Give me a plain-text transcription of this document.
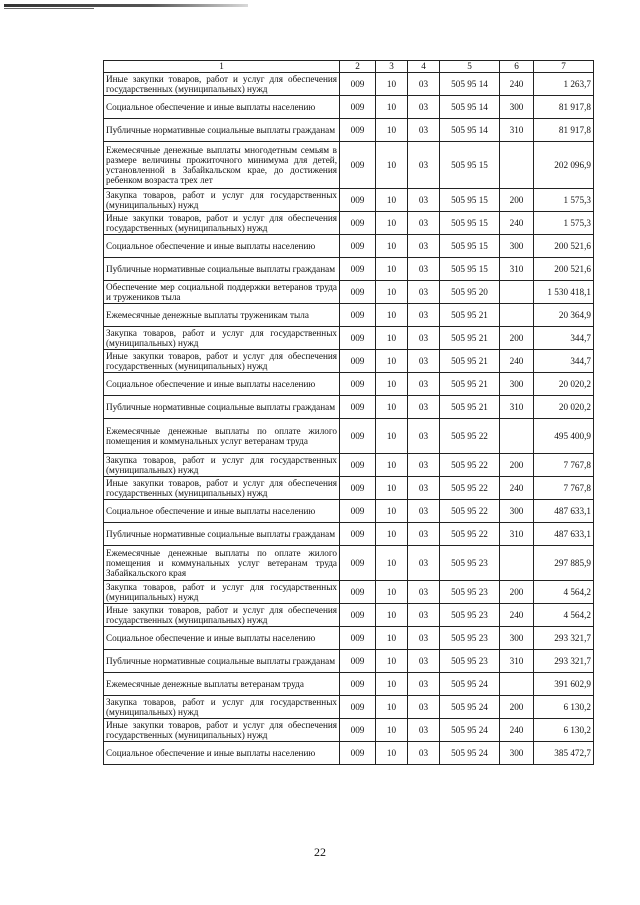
1	2	3	4	5	6	7
Иные закупки товаров, работ и услуг для обеспечения государственных (муниципальных) нужд	009	10	03	505 95 14	240	1 263,7
Социальное обеспечение и иные выплаты населению	009	10	03	505 95 14	300	81 917,8
Публичные нормативные социальные выплаты гражданам	009	10	03	505 95 14	310	81 917,8
Ежемесячные денежные выплаты многодетным семьям в размере величины прожиточного минимума для детей, установленной в Забайкальском крае, до достижения ребенком возраста трех лет	009	10	03	505 95 15		202 096,9
Закупка товаров, работ и услуг для государственных (муниципальных) нужд	009	10	03	505 95 15	200	1 575,3
Иные закупки товаров, работ и услуг для обеспечения государственных (муниципальных) нужд	009	10	03	505 95 15	240	1 575,3
Социальное обеспечение и иные выплаты населению	009	10	03	505 95 15	300	200 521,6
Публичные нормативные социальные выплаты гражданам	009	10	03	505 95 15	310	200 521,6
Обеспечение мер социальной поддержки ветеранов труда и тружеников тыла	009	10	03	505 95 20		1 530 418,1
Ежемесячные денежные выплаты труженикам тыла	009	10	03	505 95 21		20 364,9
Закупка товаров, работ и услуг для государственных (муниципальных) нужд	009	10	03	505 95 21	200	344,7
Иные закупки товаров, работ и услуг для обеспечения государственных (муниципальных) нужд	009	10	03	505 95 21	240	344,7
Социальное обеспечение и иные выплаты населению	009	10	03	505 95 21	300	20 020,2
Публичные нормативные социальные выплаты гражданам	009	10	03	505 95 21	310	20 020,2
Ежемесячные денежные выплаты по оплате жилого помещения и коммунальных услуг ветеранам труда	009	10	03	505 95 22		495 400,9
Закупка товаров, работ и услуг для государственных (муниципальных) нужд	009	10	03	505 95 22	200	7 767,8
Иные закупки товаров, работ и услуг для обеспечения государственных (муниципальных) нужд	009	10	03	505 95 22	240	7 767,8
Социальное обеспечение и иные выплаты населению	009	10	03	505 95 22	300	487 633,1
Публичные нормативные социальные выплаты гражданам	009	10	03	505 95 22	310	487 633,1
Ежемесячные денежные выплаты по оплате жилого помещения и коммунальных услуг ветеранам труда Забайкальского края	009	10	03	505 95 23		297 885,9
Закупка товаров, работ и услуг для государственных (муниципальных) нужд	009	10	03	505 95 23	200	4 564,2
Иные закупки товаров, работ и услуг для обеспечения государственных (муниципальных) нужд	009	10	03	505 95 23	240	4 564,2
Социальное обеспечение и иные выплаты населению	009	10	03	505 95 23	300	293 321,7
Публичные нормативные социальные выплаты гражданам	009	10	03	505 95 23	310	293 321,7
Ежемесячные денежные выплаты ветеранам труда	009	10	03	505 95 24		391 602,9
Закупка товаров, работ и услуг для государственных (муниципальных) нужд	009	10	03	505 95 24	200	6 130,2
Иные закупки товаров, работ и услуг для обеспечения государственных (муниципальных) нужд	009	10	03	505 95 24	240	6 130,2
Социальное обеспечение и иные выплаты населению	009	10	03	505 95 24	300	385 472,7
22
